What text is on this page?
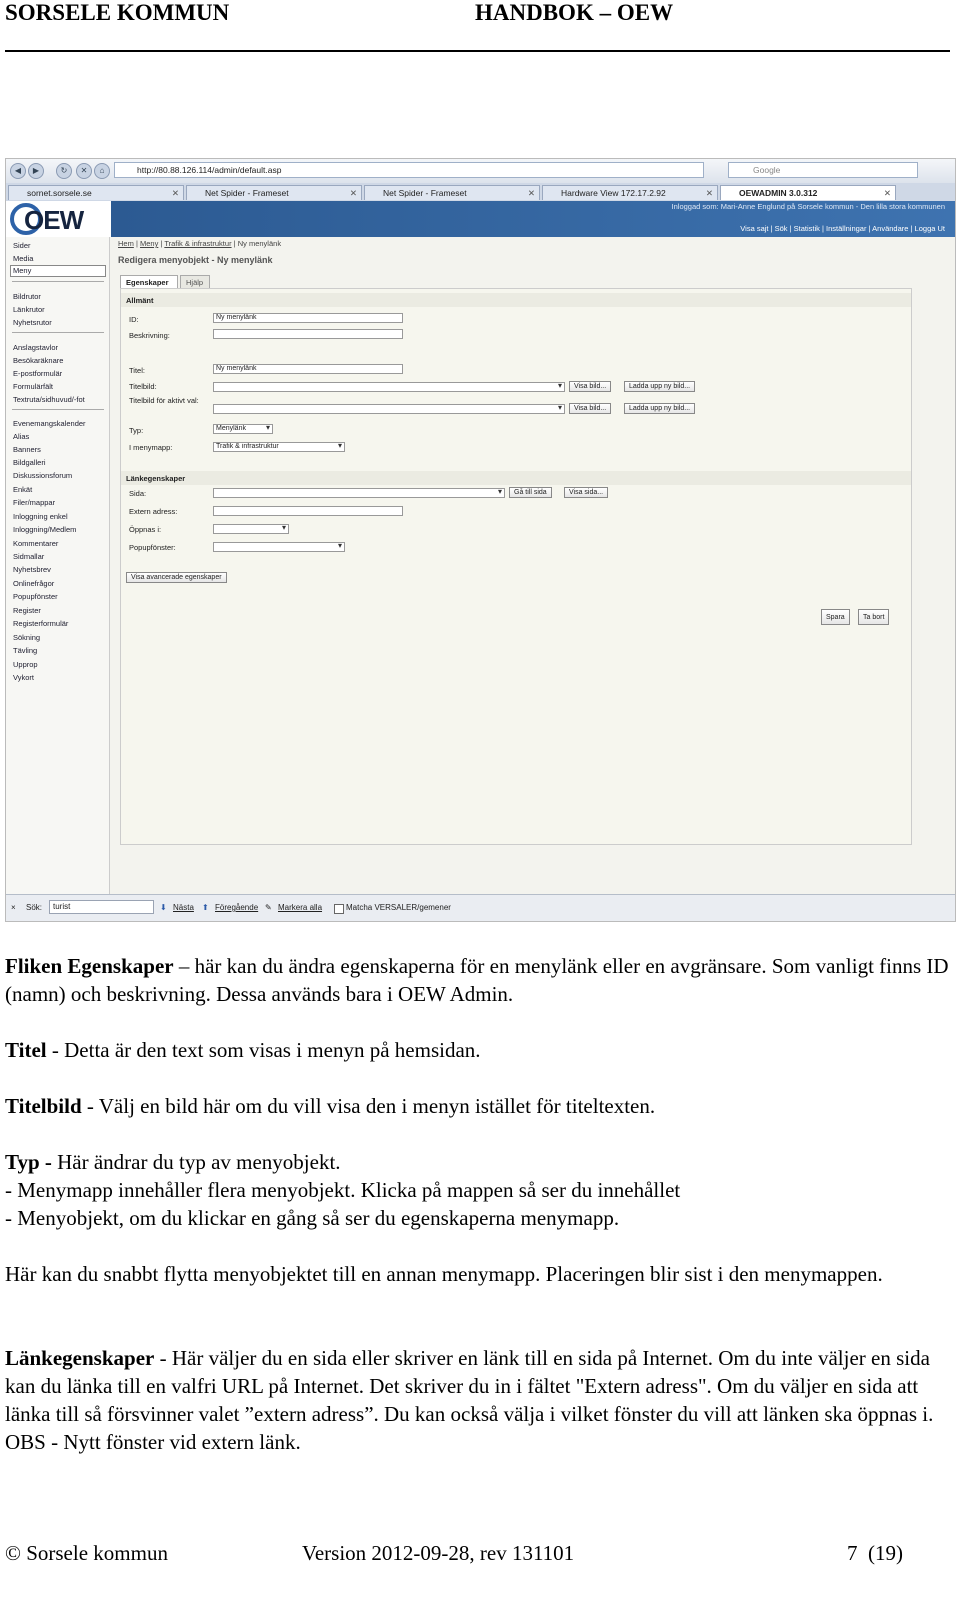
SORSELE KOMMUN	HANDBOK – OEW
◀	▶	↻	✕	⌂	http://80.88.126.114/admin/default.asp	Google
sornet.sorsele.se	✕	Net Spider - Frameset	✕	Net Spider - Frameset	✕	Hardware View 172.17.2.92	✕	OEWADMIN 3.0.312	✕
OEW	Inloggad som: Mari-Anne Englund på Sorsele kommun - Den lilla stora kommunen
Visa sajt | Sök | Statistik | Inställningar | Användare | Logga Ut
Sider
Media
Meny
Bildrutor
Länkrutor
Nyhetsrutor
Anslagstavlor
Besökaräknare
E-postformulär
Formulärfält
Textruta/sidhuvud/-fot
Evenemangskalender
Alias
Banners
Bildgalleri
Diskussionsforum
Enkät
Filer/mappar
Inloggning enkel
Inloggning/Medlem
Kommentarer
Sidmallar
Nyhetsbrev
Onlinefrågor
Popupfönster
Register
Registerformulär
Sökning
Tävling
Upprop
Vykort
Hem | Meny | Trafik & infrastruktur | Ny menylänk
Redigera menyobjekt - Ny menylänk
Egenskaper	Hjälp
Allmänt
ID:	Ny menylänk
Beskrivning:
Titel:	Ny menylänk
Titelbild: ▾	Visa bild...	Ladda upp ny bild...
Titelbild för aktivt val:
▾
Visa bild...	Ladda upp ny bild...
Typ:	Menylänk ▾
I menymapp:	Trafik & infrastruktur ▾
Länkegenskaper
Sida: ▾	Gå till sida	Visa sida...
Extern adress:
Öppnas i:
▾
Popupfönster:
▾
Visa avancerade egenskaper
Spara	Ta bort
× Sök:	turist	⬇ Nästa ⬆ Föregående ✎ Markera alla	Matcha VERSALER/gemener
Fliken Egenskaper – här kan du ändra egenskaperna för en menylänk eller en avgränsare. Som vanligt finns ID (namn) och beskrivning. Dessa används bara i OEW Admin.
Titel - Detta är den text som visas i menyn på hemsidan.
Titelbild - Välj en bild här om du vill visa den i menyn istället för titeltexten.
Typ - Här ändrar du typ av menyobjekt.
- Menymapp innehåller flera menyobjekt. Klicka på mappen så ser du innehållet
- Menyobjekt, om du klickar en gång så ser du egenskaperna menymapp.
Här kan du snabbt flytta menyobjektet till en annan menymapp. Placeringen blir sist i den menymappen.
Länkegenskaper - Här väljer du en sida eller skriver en länk till en sida på Internet. Om du inte väljer en sida kan du länka till en valfri URL på Internet. Det skriver du in i fältet "Extern adress". Om du väljer en sida att länka till så försvinner valet ”extern adress”. Du kan också välja i vilket fönster du vill att länken ska öppnas i. OBS - Nytt fönster vid extern länk.
© Sorsele kommun	Version 2012-09-28, rev 131101	7 (19)
